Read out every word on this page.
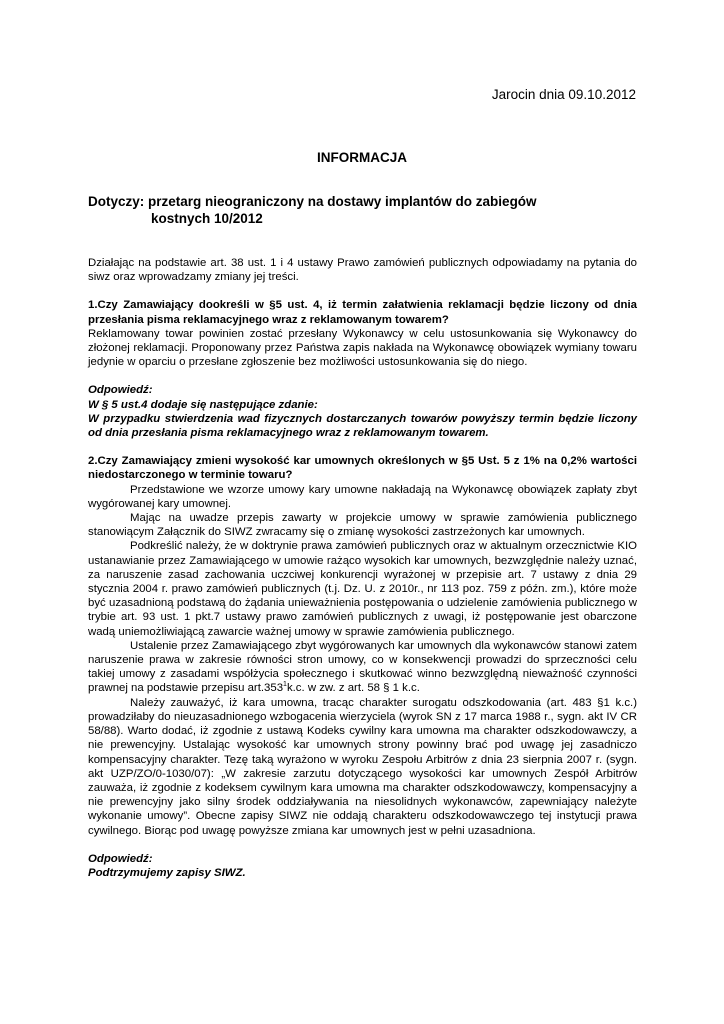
Jarocin dnia 09.10.2012
INFORMACJA
Dotyczy: przetarg nieograniczony na dostawy implantów do zabiegów
kostnych 10/2012

Działając na podstawie art. 38 ust. 1 i 4 ustawy Prawo zamówień publicznych odpowiadamy na pytania do siwz oraz wprowadzamy zmiany jej treści.

1.Czy Zamawiający dookreśli w §5 ust. 4, iż termin załatwienia reklamacji będzie liczony od dnia przesłania pisma reklamacyjnego wraz z reklamowanym towarem?

Reklamowany towar powinien zostać przesłany Wykonawcy w celu ustosunkowania się Wykonawcy do złożonej reklamacji. Proponowany przez Państwa zapis nakłada na Wykonawcę obowiązek wymiany towaru jedynie w oparciu o przesłane zgłoszenie bez możliwości ustosunkowania się do niego.

Odpowiedź:

W § 5 ust.4 dodaje się następujące zdanie:

W przypadku stwierdzenia wad fizycznych dostarczanych towarów powyższy termin będzie liczony od dnia przesłania pisma reklamacyjnego wraz z reklamowanym towarem.

2.Czy Zamawiający zmieni wysokość kar umownych określonych w §5 Ust. 5 z 1% na 0,2% wartości niedostarczonego w terminie towaru?

Przedstawione we wzorze umowy kary umowne nakładają na Wykonawcę obowiązek zapłaty zbyt wygórowanej kary umownej.

Mając na uwadze przepis zawarty w projekcie umowy w sprawie zamówienia publicznego stanowiącym Załącznik do SIWZ zwracamy się o zmianę wysokości zastrzeżonych kar umownych.

Podkreślić należy, że w doktrynie prawa zamówień publicznych oraz w aktualnym orzecznictwie KIO ustanawianie przez Zamawiającego w umowie rażąco wysokich kar umownych, bezwzględnie należy uznać, za naruszenie zasad zachowania uczciwej konkurencji wyrażonej w przepisie art. 7 ustawy z dnia 29 stycznia 2004 r. prawo zamówień publicznych (t.j. Dz. U. z 2010r., nr 113 poz. 759 z późn. zm.), które może być uzasadnioną podstawą do żądania unieważnienia postępowania o udzielenie zamówienia publicznego w trybie art. 93 ust. 1 pkt.7 ustawy prawo zamówień publicznych z uwagi, iż postępowanie jest obarczone wadą uniemożliwiającą zawarcie ważnej umowy w sprawie zamówienia publicznego.

Ustalenie przez Zamawiającego zbyt wygórowanych kar umownych dla wykonawców stanowi zatem naruszenie prawa w zakresie równości stron umowy, co w konsekwencji prowadzi do sprzeczności celu takiej umowy z zasadami współżycia społecznego i skutkować winno bezwzględną nieważność czynności prawnej na podstawie przepisu art.353$^1$k.c. w zw. z art. 58 § 1 k.c.

Należy zauważyć, iż kara umowna, tracąc charakter surogatu odszkodowania (art. 483 §1 k.c.) prowadziłaby do nieuzasadnionego wzbogacenia wierzyciela (wyrok SN z 17 marca 1988 r., sygn. akt IV CR 58/88). Warto dodać, iż zgodnie z ustawą Kodeks cywilny kara umowna ma charakter odszkodowawczy, a nie prewencyjny. Ustalając wysokość kar umownych strony powinny brać pod uwagę jej zasadniczo kompensacyjny charakter. Tezę taką wyrażono w wyroku Zespołu Arbitrów z dnia 23 sierpnia 2007 r. (sygn. akt UZP/ZO/0-1030/07): „W zakresie zarzutu dotyczącego wysokości kar umownych Zespół Arbitrów zauważa, iż zgodnie z kodeksem cywilnym kara umowna ma charakter odszkodowawczy, kompensacyjny a nie prewencyjny jako silny środek oddziaływania na niesolidnych wykonawców, zapewniający należyte wykonanie umowy”. Obecne zapisy SIWZ nie oddają charakteru odszkodowawczego tej instytucji prawa cywilnego. Biorąc pod uwagę powyższe zmiana kar umownych jest w pełni uzasadniona.

Odpowiedź:

Podtrzymujemy zapisy SIWZ.
